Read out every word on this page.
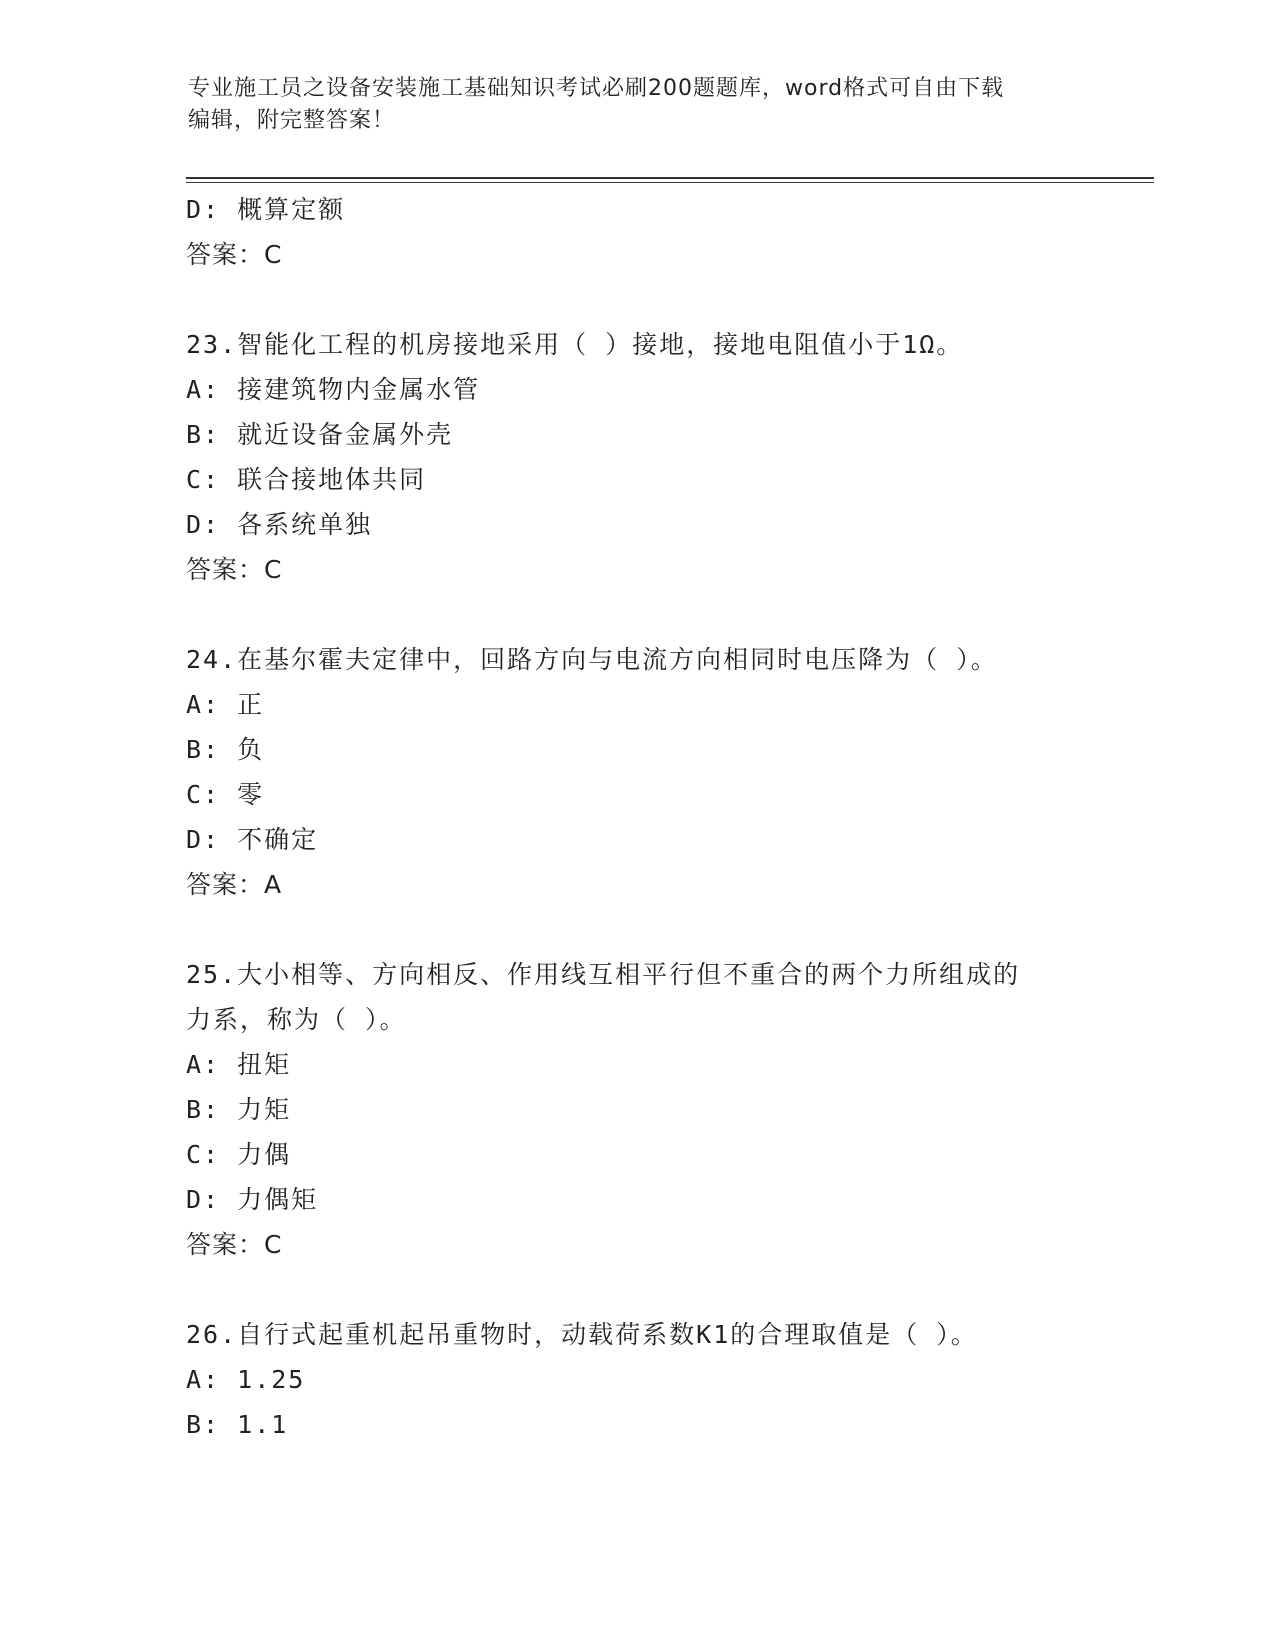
专业施工员之设备安装施工基础知识考试必刷200题题库，word格式可自由下载
编辑，附完整答案！
D: 概算定额
答案：C
23.智能化工程的机房接地采用（ ）接地，接地电阻值小于1Ω。
A: 接建筑物内金属水管
B: 就近设备金属外壳
C: 联合接地体共同
D: 各系统单独
答案：C
24.在基尔霍夫定律中，回路方向与电流方向相同时电压降为（ ）。
A: 正
B: 负
C: 零
D: 不确定
答案：A
25.大小相等、方向相反、作用线互相平行但不重合的两个力所组成的
力系，称为（ ）。
A: 扭矩
B: 力矩
C: 力偶
D: 力偶矩
答案：C
26.自行式起重机起吊重物时，动载荷系数K1的合理取值是（ ）。
A: 1.25
B: 1.1
